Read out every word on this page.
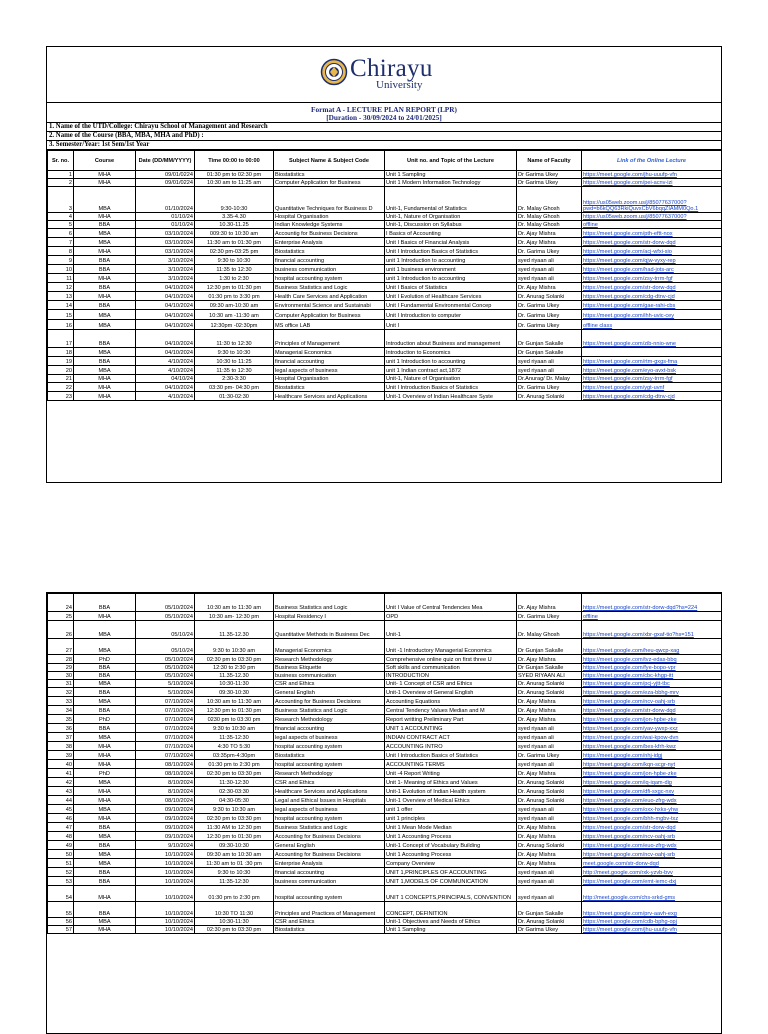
Chirayu
University
Format A - LECTURE PLAN REPORT (LPR)
[Duration - 30/09/2024 to 24/01/2025]
1. Name of the UTD/College: Chirayu School of Management and Research
2. Name of the Course (BBA, MBA, MHA and PhD) :
3. Semester/Year: 1st Sem/1st Year
Sr. no.	Course	Date (DD/MM/YYYY)	Time 00:00 to 00:00	Subject Name & Subject Code	Unit no. and Topic of the Lecture	Name of Faculty	Link of the Online Lecture
1	MHA	09/01/0224	01:30 pm to 02:30 pm	Biostatistics	Unit 1 Sampling	Dr Garima Ukey	https://meet.google.com/jhu-uuufp-vfn
2	MHA	09/01/0224	10:30 am to 11:25 am	Computer Application for Business	Unit 1 Modern Information Technology	Dr Garima Ukey	https://meet.google.com/pei-acnv-izi
3	MBA	01/10/2024	9:30-10:30	Quantitative Techniques for Business D	Unit-1, Fundamental of Statistics	Dr. Malay Ghosh	https://us05web.zoom.us/j/85077637000?pwd=b6kQQ63RkiQuvxCbV6bqqZIAMM0Qo.1
4	MHA	01/10/24	3.35-4.30	Hospital Organisation	Unit-1, Nature of Organisation	Dr. Malay Ghosh	https://us05web.zoom.us/j/85077637000?
5	BBA	01/10/24	10.30-11.25	Indian Knowledge Systems	Unit-1, Discussion on Syllabus	Dr. Malay Ghosh	offline
6	MBA	03/10/2024	009:30 to 10:30 am	Accountig for Business Decisions	I Basics of Accounting	Dr. Ajay Mishra	https://meet.google.com/pth-eftt-nox
7	MBA	03/10/2024	11:30 am to 01:30 pm	Enterprise Analysis	Unit I Basics of Financial Analysis	Dr. Ajay Mishra	https://meet.google.com/str-dorw-dqd
8	MHA	03/10/2024	02:30 pm-03:25 pm	Biostatistics	Unit I Introduction Basics of Statistics	Dr. Garima Ukey	https://meet.google.com/acj-wfxi-sio
9	BBA	3/10/2024	9:30 to 10:30	financial accounting	unit 1 Introduction to accounting	syed riyaan ali	https://meet.google.com/qjw-vyxy-rep
10	BBA	3/10/2024	11:35 to 12:30	business communication	unit 1 business environment	syed riyaan ali	https://meet.google.com/had-jots-arc
11	MHA	3/10/2024	1:30 to 2:30	hospital accounting system	unit 1 Introduction to accounting	syed riyaan ali	https://meet.google.com/zsy-trrm-fgf
12	BBA	04/10/2024	12:30 pm to 01:30 pm	Business Statistics and Logic	Unit I Basics of Statistics	Dr. Ajay Mishra	https://meet.google.com/str-dorw-dqd
13	MHA	04/10/2024	01:30 pm to 3:30 pm	Health Care Services and Application	Unit I Evolution of Healthcare Services	Dr. Anurag Solanki	https://meet.google.com/cdg-dtnv-cjd
14	BBA	04/10/2024	09:30 am-10:30 am	Environmental Science and Sustainabi	Unit I Fundamental Environmental Concep	Dr. Garima Ukey	https://meet.google.com/gae-rahi-cbs
15	MBA	04/10/2024	10:30 am -11:30 am	Computer Application for Business	Unit I Introduction to computer	Dr. Garima Ukey	https://meet.google.com/ihh-uvic-cey
16	MBA	04/10/2024	12:30pm -02:30pm	MS office LAB	Unit I	Dr. Garima Ukey	offline class
17	BBA	04/10/2024	11:30 to 12:30	Principles of Management	Introduction about Business and management	Dr Gunjan Sakalle	https://meet.google.com/zib-nnio-wne
18	MBA	04/10/2024	9:30 to 10:30	Managerial Economics	Introduction to Economics	Dr Gunjan Sakalle	
19	BBA	4/10/2024	10:30 to 11:25	financial accounting	unit 1 Introduction to accounting	syed riyaan ali	https://meet.google.com/rtm-gxgs-fma
20	MBA	4/10/2024	11:35 to 12:30	legal aspects of business	unit 1 Indian contract act,1872	syed riyaan ali	https://meet.google.com/eyo-avxt-bsk
21	MHA	04/10/24	2:30-3:30	Hospital Organisation	Unit-1, Nature of Organisation	Dr.Anurag/ Dr. Malay	https://meet.google.com/zsy-trrm-fgf
22	MHA	04/10/2024	03:30 pm- 04:30 pm	Biostatistics	Unit I Introduction Basics of Statistics	Dr. Garima Ukey	https://meet.google.com/ygt-uvnf
23	MHA	4/10/2024	01:30-02:30	Healthcare Services and Applications	Unit-1 Overview of Indian Healthcare Syste	Dr. Anurag Solanki	https://meet.google.com/cdg-dtnv-cjd
24	BBA	05/10/2024	10:30 am to 11:30 am	Business Statistics and Logic	Unit I Value of Central Tendencies Mea	Dr. Ajay Mishra	https://meet.google.com/str-dorw-dqd?hs=224
25	MHA	05/10/2024	10:30 am- 12:30 pm	Hospital Residency I	OPD	Dr. Garima Ukey	offline
26	MBA	05/10/24	11.35-12.30	Quantitative Methods in Business Dec	Unit-1	Dr. Malay Ghosh	https://meet.google.com/xbr-gxaf-tio?hs=151
27	MBA	05/10/24	9:30 to 10:30 am	Managerial Economics	Unit -1 Introductory Managerial Economics	Dr Gunjan Sakalle	https://meet.google.com/heu-qwcp-xag
28	PhD	05/10/2024	02:30 pm to 03:30 pm	Research Methodology	Comprehensive online quiz on first three U	Dr. Ajay Mishra	https://meet.google.com/tvz-edas-bbq
29	BBA	05/10/2024	12:30 to 2:30 pm	Business Etiquette	Soft skills and communication	Dr Gunjan Sakalle	https://meet.google.com/fye-bopo-vpr
30	BBA	05/10/2024	11.35-12.30	business communication	INTRODUCTION	SYED RIYAAN ALI	https://meet.google.com/cbc-khgp-itt
31	MBA	5/10/2024	10:30-11:30	CSR and Ethics	Unit- 1 Concept of CSR and Ethics	Dr. Anurag Solanki	https://meet.google.com/pcj-yjtt-tbc
32	BBA	5/10/2024	09:30-10:30	General English	Unit-1 Overview of General English	Dr. Anurag Solanki	https://meet.google.com/eza-bbhg-mrv
33	MBA	07/10/2024	10:30 am to 11:30 am	Accounting for Business Decisions	Accounting Equations	Dr. Ajay Mishra	https://meet.google.com/ncv-oahj-srb
34	BBA	07/10/2024	12:30 pm to 01:30 pm	Business Statistics and Logic	Central Tendency Values Median and M	Dr. Ajay Mishra	https://meet.google.com/str-dorw-dqd
35	PhD	07/10/2024	0230 pm to 03:30 pm	Research Methodology	Report writting Preliminary Part	Dr. Ajay Mishra	https://meet.google.com/jon-hpbe-zke
36	BBA	07/10/2024	9:30 to 10:30 am	financial accounting	UNIT 1 ACCOUNTING	syed riyaan ali	https://meet.google.com/yav-ywxp-xxz
37	MBA	07/10/2024	11:35-12:30	legal aspects of business	INDIAN CONTRACT ACT	syed riyaan ali	https://meet.google.com/wai-kpow-dvn
38	MHA	07/10/2024	4:30 TO 5:30	hospital accounting system	ACCOUNTING INTRO	syed riyaan ali	https://meet.google.com/bes-kfrh-kwz
39	MHA	07/10/2024	03:35pm-4:30pm	Biostatistics	Unit I Introduction Basics of Statistics	Dr. Garima Ukey	https://meet.google.com/nhj-idgj
40	MHA	08/10/2024	01:30 pm to 2:30 pm	hospital accounting system	ACCOUNTING TERMS	syed riyaan ali	https://meet.google.com/kqn-scgr-nyt
41	PhD	08/10/2024	02:30 pm to 03:30 pm	Research Methodology	Unit -4 Report Writing	Dr. Ajay Mishra	https://meet.google.com/jon-hpbe-zke
42	MBA	8/10/2024	11:30-12:30	CSR and Ethics	Unit 1- Meaning of Ethics and Values	Dr. Anurag Solanki	https://meet.google.com/iq-iqam-dig
43	MHA	8/10/2024	02:30-03:30	Healthcare Services and Applications	Unit-1 Evolution of Indian Health system	Dr. Anurag Solanki	https://meet.google.com/dfi-sxgc-nxv
44	MHA	08/10/2024	04:30-05:30	Legal and Ethical Issues in Hospitals	Unit-1 Overview of Medical Ethics	Dr. Anurag Solanki	https://meet.google.com/euo-zfrg-wdx
45	MBA	09/10/2024	9:30 to 10:30 am	legal aspects of business	unit 1 offer	syed riyaan ali	https://meet.google.com/oxx-hxks-yhw
46	MHA	09/10/2024	02:30 pm to 03:30 pm	hospital accounting system	unit 1 principles	syed riyaan ali	https://meet.google.com/bhh-mgbv-txz
47	BBA	09/10/2024	11:30 AM to 12:30 pm	Business Statistics and Logic	Unit 1 Mean Mode Median	Dr. Ajay Mishra	https://meet.google.com/str-dorw-dqd
48	MBA	09/10/2024	12:30 pm to 01:30 pm	Accounting for Business Decisions	Unit 1 Accounting Process	Dr. Ajay Mishra	https://meet.google.com/ncv-oahj-srb
49	BBA	9/10/2024	09:30-10:30	General English	Unit-1 Concept of Vocabulary Building	Dr. Anurag Solanki	https://meet.google.com/euo-zfrg-wdx
50	MBA	10/10/2024	09:30 am to 10:30 am	Accounting for Business Decisions	Unit 1 Accounting Process	Dr. Ajay Mishra	https://meet.google.com/ncv-oahj-srb
51	MBA	10/10/2024	11:30 am to 01 :30 pm	Enterprise Analysis	Company Overview	Dr. Ajay Mishra	meet.google.com/str-dorw-dqd
52	BBA	10/10/2024	9:30 to 10:30	financial accounting	UNIT 1,PRINCIPLES OF ACCOUNTING	syed riyaan ali	http://meet.google.com/rxk-yzvb-bvv
53	BBA	10/10/2024	11:35-12:30	business communication	UNIT 1,MODELS OF COMMUNICATION	syed riyaan ali	https://meet.google.com/emt-iemc-dxj
54	MHA	10/10/2024	01:30 pm to 2:30 pm	hospital accounting system	UNIT 1 CONCEPTS,PRINCIPALS, CONVENTION	syed riyaan ali	http://meet.google.com/chs-srkd-gms
55	BBA	10/10/2024	10:30 TO 11:30	Principles and Practices of Management	CONCEPT, DEFINITION	Dr Gunjan Sakalle	https://meet.google.com/prv-aavh-exg
56	MBA	10/10/2024	10:30-11:30	CSR and Ethics	Unit-1 Objectives and Needs of Ethics	Dr. Anurag Solanki	https://meet.google.com/cdb-bphg-opj
57	MHA	10/10/2024	02:30 pm to 03:30 pm	Biostatistics	Unit 1 Sampling	Dr Garima Ukey	https://meet.google.com/jhu-uuufp-vfn
